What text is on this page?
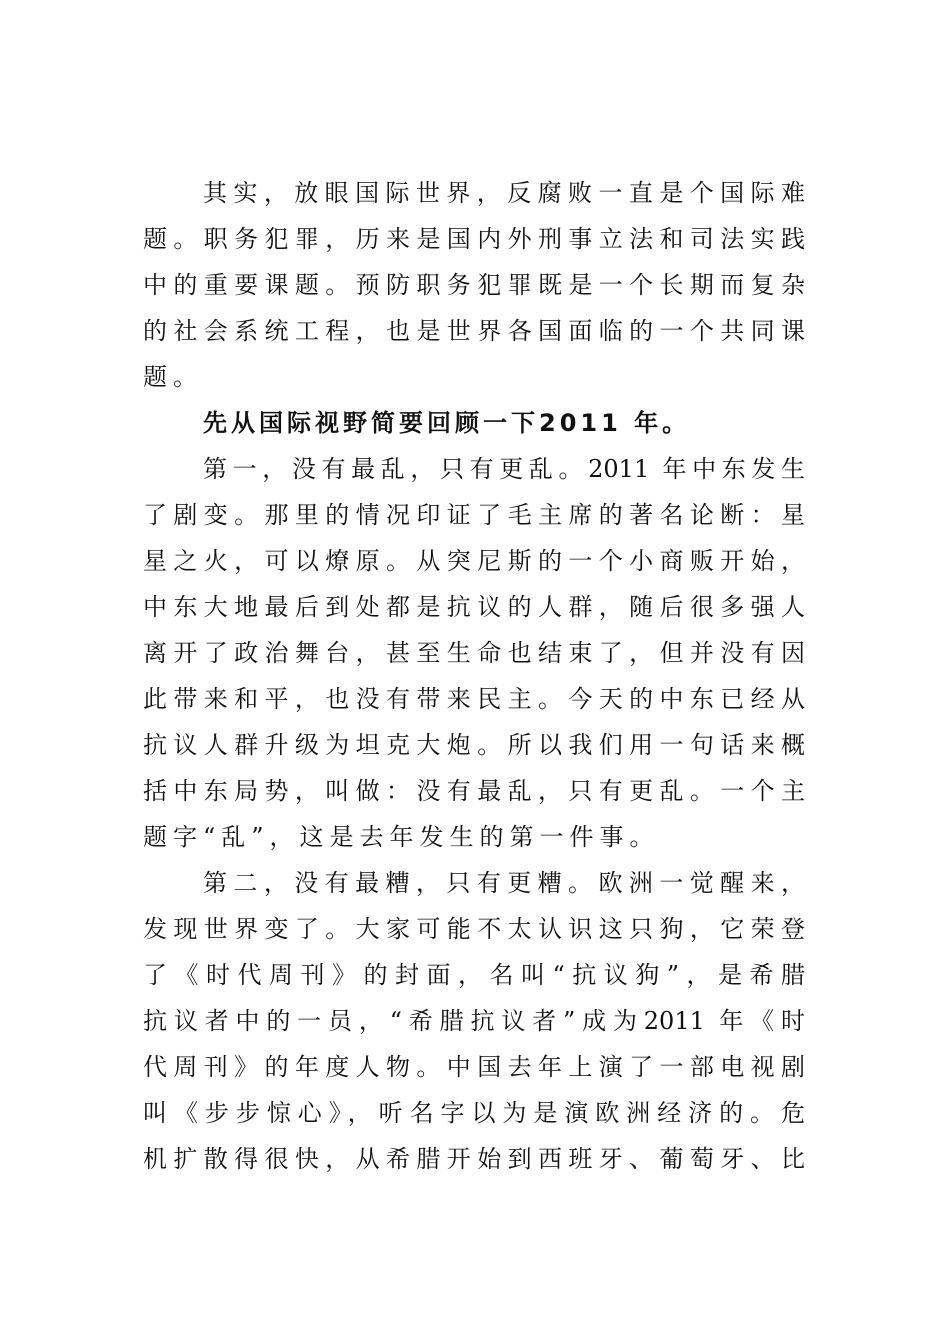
其实，放眼国际世界，反腐败一直是个国际难
题。职务犯罪，历来是国内外刑事立法和司法实践
中的重要课题。预防职务犯罪既是一个长期而复杂
的社会系统工程，也是世界各国面临的一个共同课
题。
先从国际视野简要回顾一下2011 年。
第一，没有最乱，只有更乱。2011 年中东发生
了剧变。那里的情况印证了毛主席的著名论断：星
星之火，可以燎原。从突尼斯的一个小商贩开始，
中东大地最后到处都是抗议的人群，随后很多强人
离开了政治舞台，甚至生命也结束了，但并没有因
此带来和平，也没有带来民主。今天的中东已经从
抗议人群升级为坦克大炮。所以我们用一句话来概
括中东局势，叫做：没有最乱，只有更乱。一个主
题字“乱”，这是去年发生的第一件事。
第二，没有最糟，只有更糟。欧洲一觉醒来，
发现世界变了。大家可能不太认识这只狗，它荣登
了《时代周刊》的封面，名叫“抗议狗”，是希腊
抗议者中的一员，“希腊抗议者”成为2011 年《时
代周刊》的年度人物。中国去年上演了一部电视剧
叫《步步惊心》，听名字以为是演欧洲经济的。危
机扩散得很快，从希腊开始到西班牙、葡萄牙、比
